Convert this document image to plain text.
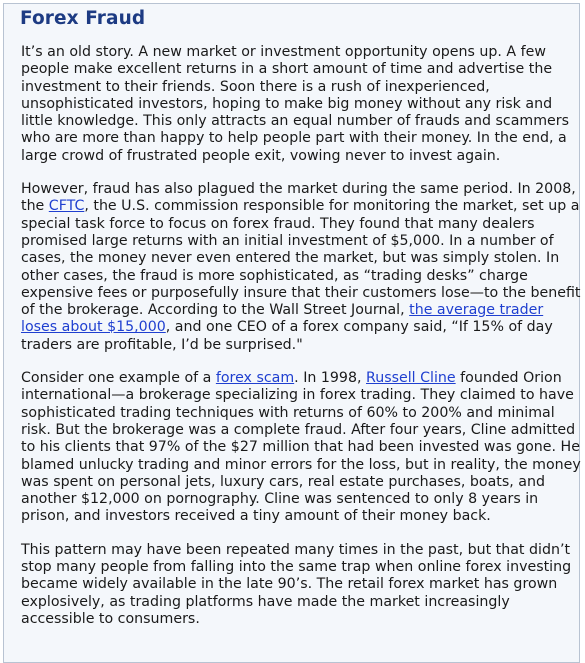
Forex Fraud

It’s an old story. A new market or investment opportunity opens up. A few people make excellent returns in a short amount of time and advertise the investment to their friends. Soon there is a rush of inexperienced, unsophisticated investors, hoping to make big money without any risk and little knowledge. This only attracts an equal number of frauds and scammers who are more than happy to help people part with their money. In the end, a large crowd of frustrated people exit, vowing never to invest again.

However, fraud has also plagued the market during the same period. In 2008, the CFTC, the U.S. commission responsible for monitoring the market, set up a special task force to focus on forex fraud. They found that many dealers promised large returns with an initial investment of $5,000. In a number of cases, the money never even entered the market, but was simply stolen. In other cases, the fraud is more sophisticated, as “trading desks” charge expensive fees or purposefully insure that their customers lose—to the benefit of the brokerage. According to the Wall Street Journal, the average trader loses about $15,000, and one CEO of a forex company said, “If 15% of day traders are profitable, I’d be surprised."

Consider one example of a forex scam. In 1998, Russell Cline founded Orion international—a brokerage specializing in forex trading. They claimed to have sophisticated trading techniques with returns of 60% to 200% and minimal risk. But the brokerage was a complete fraud. After four years, Cline admitted to his clients that 97% of the $27 million that had been invested was gone. He blamed unlucky trading and minor errors for the loss, but in reality, the money was spent on personal jets, luxury cars, real estate purchases, boats, and another $12,000 on pornography. Cline was sentenced to only 8 years in prison, and investors received a tiny amount of their money back.

This pattern may have been repeated many times in the past, but that didn’t stop many people from falling into the same trap when online forex investing became widely available in the late 90’s. The retail forex market has grown explosively, as trading platforms have made the market increasingly accessible to consumers.
